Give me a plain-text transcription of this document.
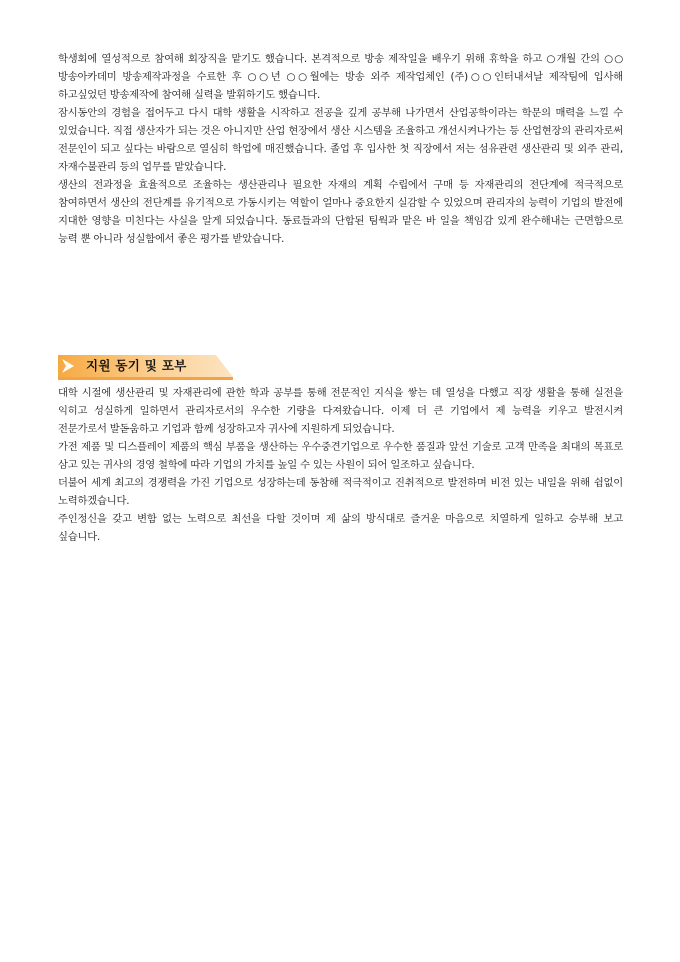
학생회에 열성적으로 참여해 회장직을 맡기도 했습니다. 본격적으로 방송 제작일을 배우기 위해 휴학을 하고 ○개월 간의 ○○방송아카데미 방송제작과정을 수료한 후 ○○년 ○○월에는 방송 외주 제작업체인 (주)○○인터내셔날 제작팀에 입사해 하고싶었던 방송제작에 참여해 실력을 발휘하기도 했습니다.

잠시동안의 경험을 접어두고 다시 대학 생활을 시작하고 전공을 깊게 공부해 나가면서 산업공학이라는 학문의 매력을 느낄 수 있었습니다. 직접 생산자가 되는 것은 아니지만 산업 현장에서 생산 시스템을 조율하고 개선시켜나가는 등 산업현장의 관리자로써 전문인이 되고 싶다는 바람으로 열심히 학업에 매진했습니다. 졸업 후 입사한 첫 직장에서 저는 섬유관련 생산관리 및 외주 관리, 자재수불관리 등의 업무를 맡았습니다.

생산의 전과정을 효율적으로 조율하는 생산관리나 필요한 자재의 계획 수립에서 구매 등 자재관리의 전단계에 적극적으로 참여하면서 생산의 전단계를 유기적으로 가동시키는 역할이 얼마나 중요한지 실감할 수 있었으며 관리자의 능력이 기업의 발전에 지대한 영향을 미친다는 사실을 알게 되었습니다. 동료들과의 단합된 팀웍과 맡은 바 일을 책임감 있게 완수해내는 근면함으로 능력 뿐 아니라 성실함에서 좋은 평가를 받았습니다.

지원 동기 및 포부

대학 시절에 생산관리 및 자재관리에 관한 학과 공부를 통해 전문적인 지식을 쌓는 데 열성을 다했고 직장 생활을 통해 실전을 익히고 성실하게 일하면서 관리자로서의 우수한 기량을 다져왔습니다. 이제 더 큰 기업에서 제 능력을 키우고 발전시켜 전문가로서 발돋움하고 기업과 함께 성장하고자 귀사에 지원하게 되었습니다.

가전 제품 및 디스플레이 제품의 핵심 부품을 생산하는 우수중견기업으로 우수한 품질과 앞선 기술로 고객 만족을 최대의 목표로 삼고 있는 귀사의 경영 철학에 따라 기업의 가치를 높일 수 있는 사원이 되어 일조하고 싶습니다.

더불어 세계 최고의 경쟁력을 가진 기업으로 성장하는데 동참해 적극적이고 진취적으로 발전하며 비전 있는 내일을 위해 쉼없이 노력하겠습니다.

주인정신을 갖고 변함 없는 노력으로 최선을 다할 것이며 제 삶의 방식대로 즐거운 마음으로 치열하게 일하고 승부해 보고 싶습니다.
